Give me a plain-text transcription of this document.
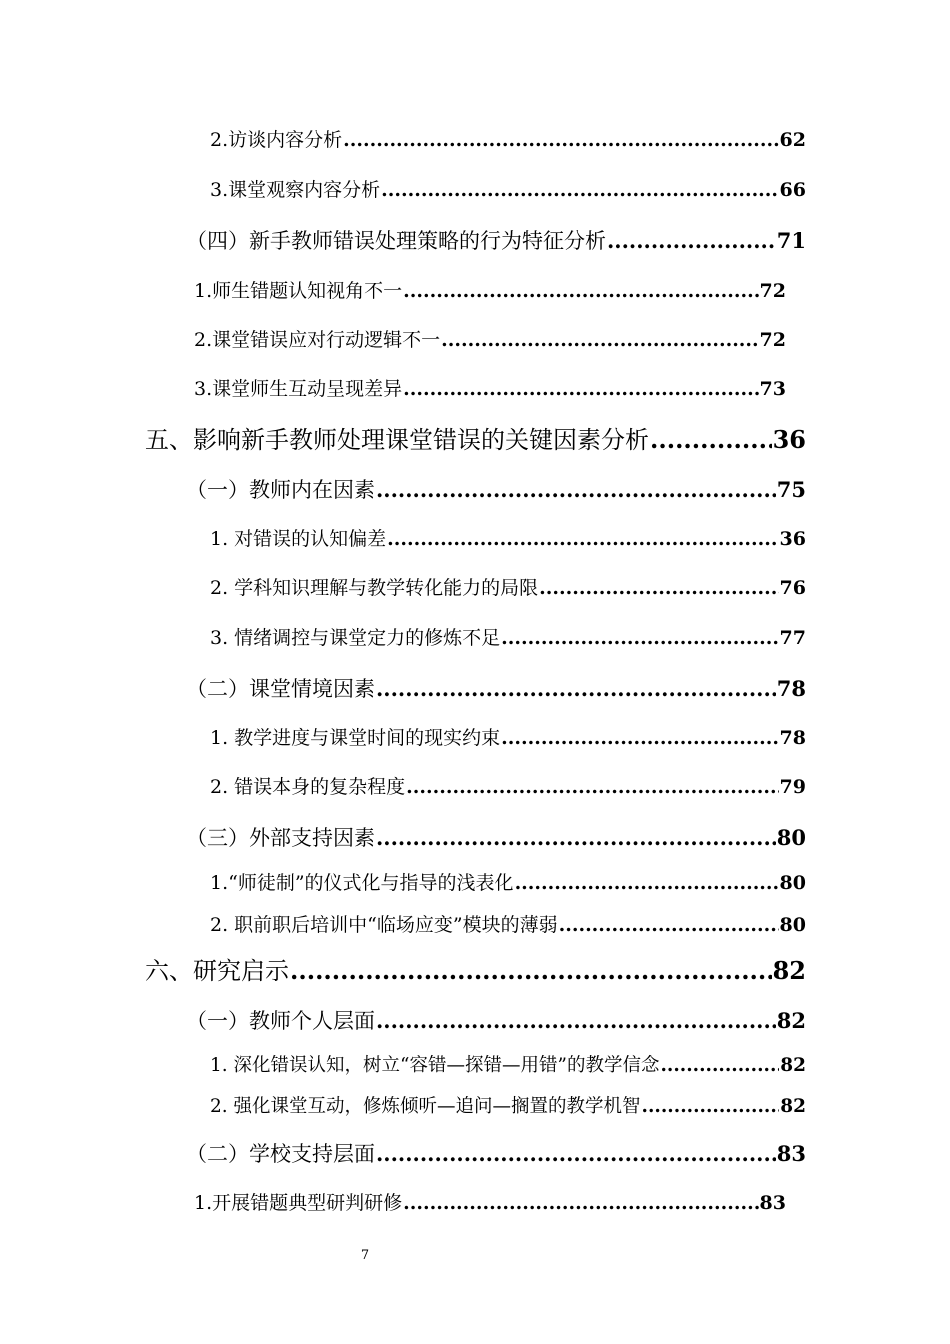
2.访谈内容分析 .....	62
3.课堂观察内容分析 .....	66
（四）新手教师错误处理策略的行为特征分析 .....	71
1.师生错题认知视角不一 .....	72
2.课堂错误应对行动逻辑不一 .....	72
3.课堂师生互动呈现差异 .....	73
五、影响新手教师处理课堂错误的关键因素分析 .....	36
（一）教师内在因素 .....	75
1. 对错误的认知偏差 .....	36
2. 学科知识理解与教学转化能力的局限 .....	76
3. 情绪调控与课堂定力的修炼不足 .....	77
（二）课堂情境因素 .....	78
1. 教学进度与课堂时间的现实约束 .....	78
2. 错误本身的复杂程度 .....	79
（三）外部支持因素 .....	80
1.“师徒制”的仪式化与指导的浅表化 .....	80
2. 职前职后培训中“临场应变”模块的薄弱 .....	80
六、研究启示 .....	82
（一）教师个人层面 .....	82
1. 深化错误认知，树立“容错—探错—用错”的教学信念 .....	82
2. 强化课堂互动，修炼倾听—追问—搁置的教学机智 .....	82
（二）学校支持层面 .....	83
1.开展错题典型研判研修 .....	83
7
